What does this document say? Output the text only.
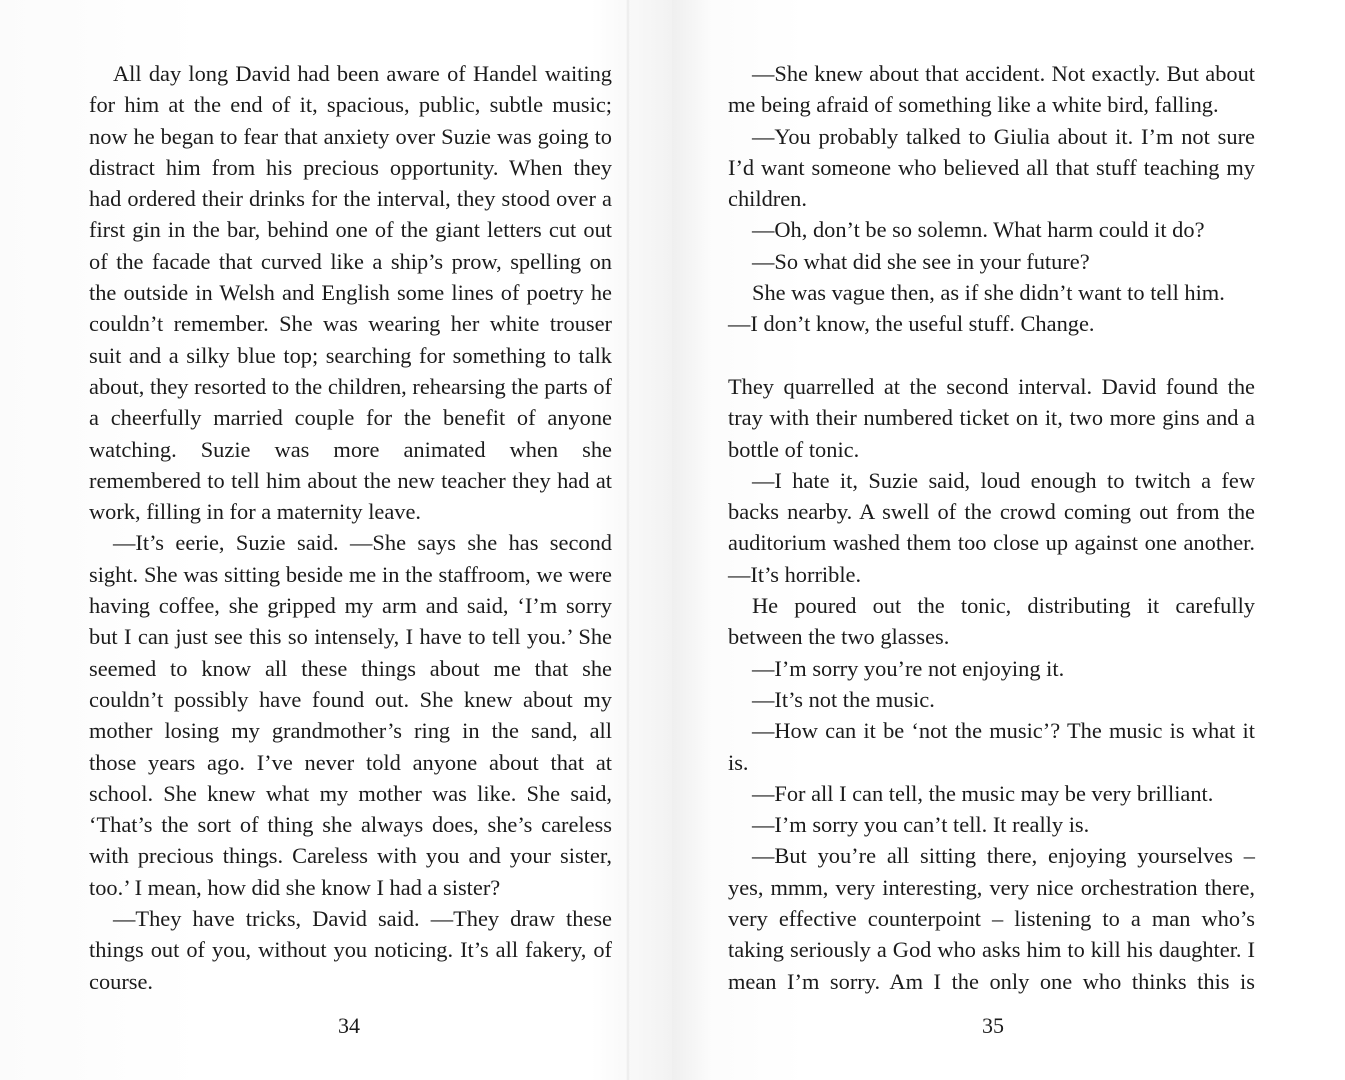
All day long David had been aware of Handel waiting for him at the end of it, spacious, public, subtle music; now he began to fear that anxiety over Suzie was going to distract him from his precious opportunity. When they had ordered their drinks for the interval, they stood over a first gin in the bar, behind one of the giant letters cut out of the facade that curved like a ship’s prow, spelling on the outside in Welsh and English some lines of poetry he couldn’t remember. She was wearing her white trouser suit and a silky blue top; searching for something to talk about, they resorted to the children, rehearsing the parts of a cheerfully married couple for the benefit of anyone watching. Suzie was more animated when she remembered to tell him about the new teacher they had at work, filling in for a maternity leave.

—It’s eerie, Suzie said. —She says she has second sight. She was sitting beside me in the staffroom, we were having coffee, she gripped my arm and said, ‘I’m sorry but I can just see this so intensely, I have to tell you.’ She seemed to know all these things about me that she couldn’t possibly have found out. She knew about my mother losing my grandmother’s ring in the sand, all those years ago. I’ve never told anyone about that at school. She knew what my mother was like. She said, ‘That’s the sort of thing she always does, she’s careless with precious things. Careless with you and your sister, too.’ I mean, how did she know I had a sister?

—They have tricks, David said. —They draw these things out of you, without you noticing. It’s all fakery, of course.

34

—She knew about that accident. Not exactly. But about me being afraid of something like a white bird, falling.

—You probably talked to Giulia about it. I’m not sure I’d want someone who believed all that stuff teaching my children.

—Oh, don’t be so solemn. What harm could it do?

—So what did she see in your future?

She was vague then, as if she didn’t want to tell him.

—I don’t know, the useful stuff. Change.

They quarrelled at the second interval. David found the tray with their numbered ticket on it, two more gins and a bottle of tonic.

—I hate it, Suzie said, loud enough to twitch a few backs nearby. A swell of the crowd coming out from the auditorium washed them too close up against one another. —It’s horrible.

He poured out the tonic, distributing it carefully between the two glasses.

—I’m sorry you’re not enjoying it.

—It’s not the music.

—How can it be ‘not the music’? The music is what it is.

—For all I can tell, the music may be very brilliant.

—I’m sorry you can’t tell. It really is.

—But you’re all sitting there, enjoying yourselves – yes, mmm, very interesting, very nice orchestration there, very effective counterpoint – listening to a man who’s taking seriously a God who asks him to kill his daughter. I mean I’m sorry. Am I the only one who thinks this is

35
